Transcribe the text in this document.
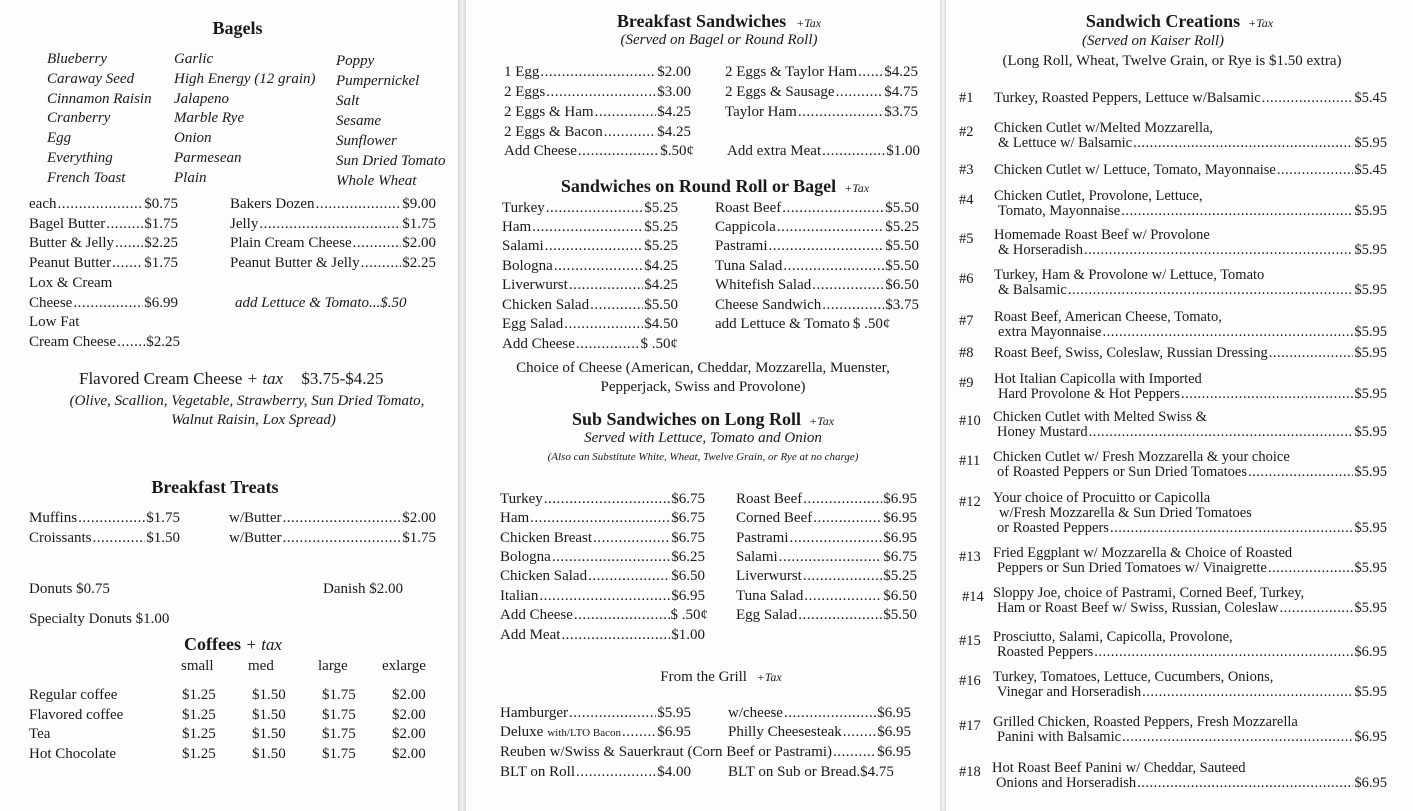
Bagels
Blueberry
Caraway Seed
Cinnamon Raisin
Cranberry
Egg
Everything
French Toast
Garlic
High Energy (12 grain)
Jalapeno
Marble Rye
Onion
Parmesean
Plain
Poppy
Pumpernickel
Salt
Sesame
Sunflower
Sun Dried Tomato
Whole Wheat
each .....	$0.75
Bagel Butter .....	$1.75
Butter & Jelly ..... $2.25
Peanut Butter ..... $1.75
Lox & Cream
Cheese .....	$6.99
Low Fat
Cream Cheese ..... $2.25
Bakers Dozen .....	$9.00
Jelly .....	$1.75
Plain Cream Cheese .....	$2.00
Peanut Butter & Jelly .....	$2.25
add Lettuce & Tomato...$.50
Flavored Cream Cheese + tax $3.75-$4.25
(Olive, Scallion, Vegetable, Strawberry, Sun Dried Tomato,
Walnut Raisin, Lox Spread)
Breakfast Treats
Muffins .....	$1.75	w/Butter .....	$2.00
Croissants .....	$1.50	w/Butter .....	$1.75
Donuts $0.75	Danish $2.00
Specialty Donuts $1.00
Coffees + tax
small med	large exlarge
Regular coffee	$1.25	$1.50	$1.75	$2.00
Flavored coffee	$1.25	$1.50	$1.75	$2.00
Tea	$1.25	$1.50	$1.75	$2.00
Hot Chocolate	$1.25	$1.50	$1.75	$2.00
Breakfast Sandwiches +Tax
(Served on Bagel or Round Roll)
1 Egg .....	$2.00
2 Eggs .....	$3.00
2 Eggs & Ham .....	$4.25
2 Eggs & Bacon .....	$4.25
Add Cheese .....	$.50¢
2 Eggs & Taylor Ham ..... $4.25
2 Eggs & Sausage .....	$4.75
Taylor Ham .....	$3.75
Add extra Meat .....	$1.00
Sandwiches on Round Roll or Bagel +Tax
Turkey .....	$5.25
Ham .....	$5.25
Salami .....	$5.25
Bologna .....	$4.25
Liverwurst .....	$4.25
Chicken Salad .....	$5.50
Egg Salad .....	$4.50
Add Cheese .....	$ .50¢
Roast Beef .....	$5.50
Cappicola .....	$5.25
Pastrami .....	$5.50
Tuna Salad .....	$5.50
Whitefish Salad .....	$6.50
Cheese Sandwich .....	$3.75
add Lettuce & Tomato $ .50¢
Choice of Cheese (American, Cheddar, Mozzarella, Muenster,
Pepperjack, Swiss and Provolone)
Sub Sandwiches on Long Roll +Tax
Served with Lettuce, Tomato and Onion
(Also can Substitute White, Wheat, Twelve Grain, or Rye at no charge)
Turkey .....	$6.75
Ham .....	$6.75
Chicken Breast .....	$6.75
Bologna .....	$6.25
Chicken Salad .....	$6.50
Italian .....	$6.95
Add Cheese .....	$ .50¢
Add Meat .....	$1.00
Roast Beef .....	$6.95
Corned Beef .....	$6.95
Pastrami .....	$6.95
Salami .....	$6.75
Liverwurst .....	$5.25
Tuna Salad .....	$6.50
Egg Salad .....	$5.50
From the Grill +Tax
Hamburger .....	$5.95 w/cheese .....	$6.95
Deluxe with/LTO Bacon ..... $6.95 Philly Cheesesteak ..... $6.95
Reuben w/Swiss & Sauerkraut (Corn Beef or Pastrami) .....	$6.95
BLT on Roll .....	$4.00 BLT on Sub or Bread.$4.75
Sandwich Creations +Tax
(Served on Kaiser Roll)
(Long Roll, Wheat, Twelve Grain, or Rye is $1.50 extra)
#1 Turkey, Roasted Peppers, Lettuce w/Balsamic .....	$5.45
#2 Chicken Cutlet w/Melted Mozzarella,
& Lettuce w/ Balsamic .....	$5.95
#3 Chicken Cutlet w/ Lettuce, Tomato, Mayonnaise .....	$5.45
#4 Chicken Cutlet, Provolone, Lettuce,
Tomato, Mayonnaise .....	$5.95
#5 Homemade Roast Beef w/ Provolone
& Horseradish .....	$5.95
#6 Turkey, Ham & Provolone w/ Lettuce, Tomato
& Balsamic .....	$5.95
#7 Roast Beef, American Cheese, Tomato,
extra Mayonnaise .....	$5.95
#8 Roast Beef, Swiss, Coleslaw, Russian Dressing .....	$5.95
#9 Hot Italian Capicolla with Imported
Hard Provolone & Hot Peppers .....	$5.95
#10 Chicken Cutlet with Melted Swiss &
Honey Mustard .....	$5.95
#11 Chicken Cutlet w/ Fresh Mozzarella & your choice
of Roasted Peppers or Sun Dried Tomatoes .....	$5.95
#12 Your choice of Procuitto or Capicolla
w/Fresh Mozzarella & Sun Dried Tomatoes
or Roasted Peppers .....	$5.95
#13 Fried Eggplant w/ Mozzarella & Choice of Roasted
Peppers or Sun Dried Tomatoes w/ Vinaigrette .....	$5.95
#14 Sloppy Joe, choice of Pastrami, Corned Beef, Turkey,
Ham or Roast Beef w/ Swiss, Russian, Coleslaw .....	$5.95
#15 Prosciutto, Salami, Capicolla, Provolone,
Roasted Peppers .....	$6.95
#16 Turkey, Tomatoes, Lettuce, Cucumbers, Onions,
Vinegar and Horseradish .....	$5.95
#17 Grilled Chicken, Roasted Peppers, Fresh Mozzarella
Panini with Balsamic .....	$6.95
#18 Hot Roast Beef Panini w/ Cheddar, Sauteed
Onions and Horseradish .....	$6.95
